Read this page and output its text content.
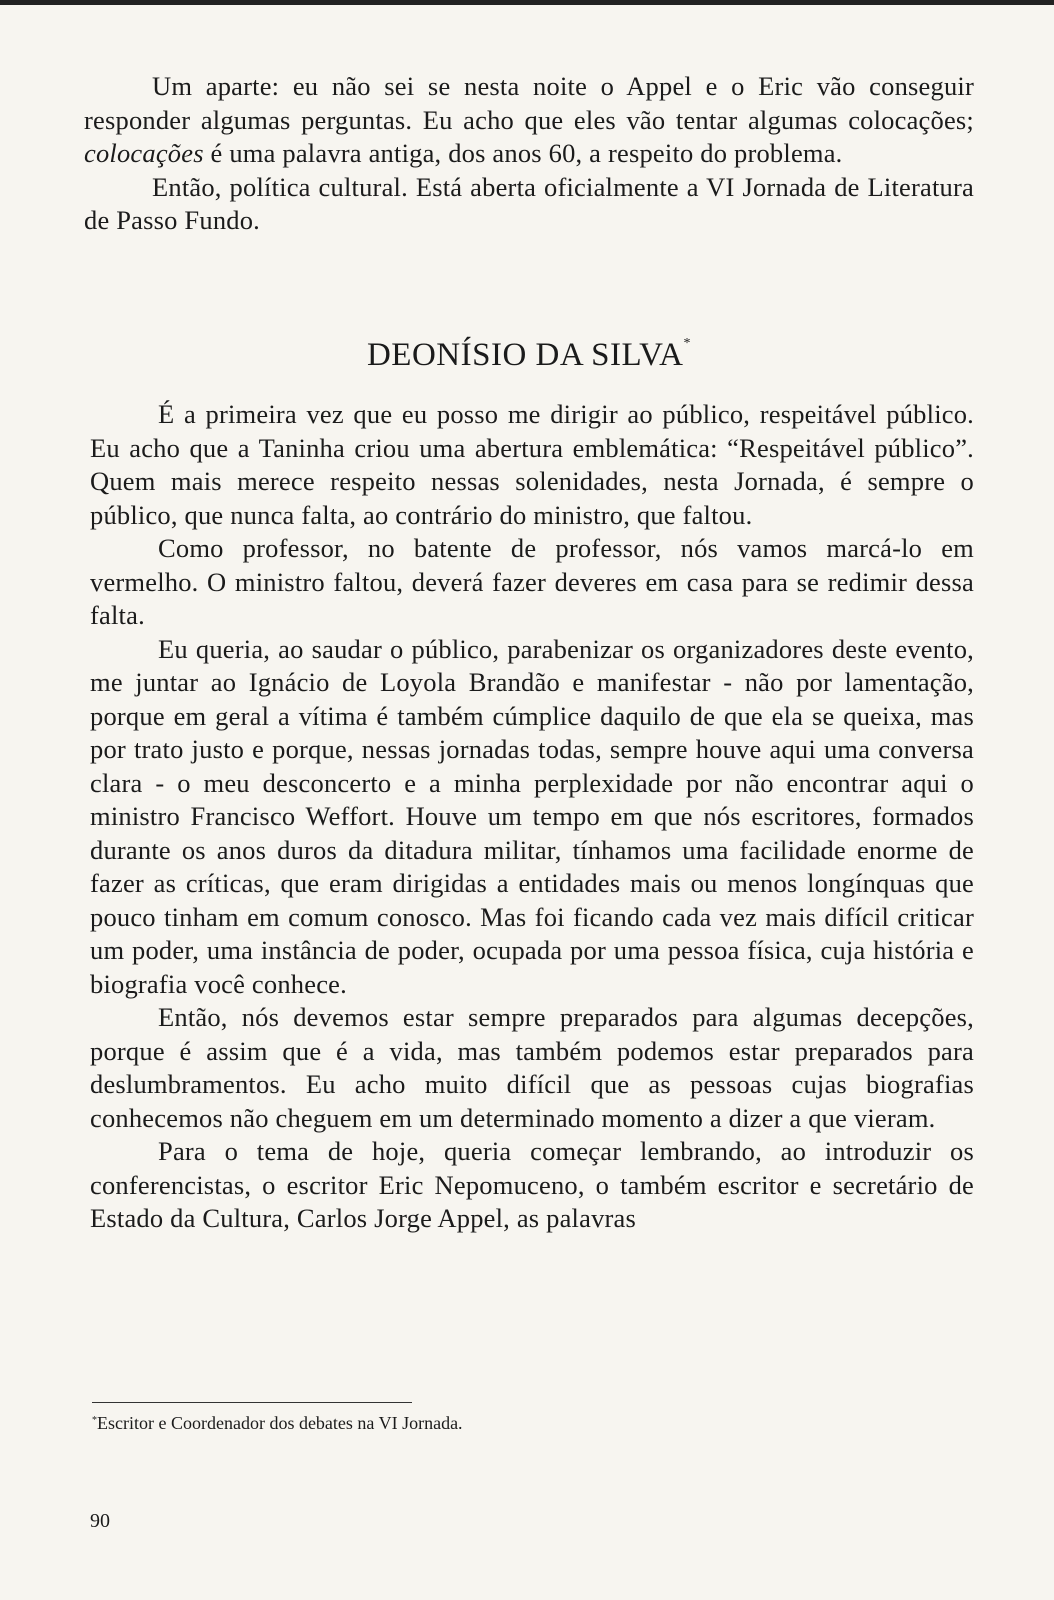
Um aparte: eu não sei se nesta noite o Appel e o Eric vão conseguir responder algumas perguntas. Eu acho que eles vão tentar algumas colocações; colocações é uma palavra antiga, dos anos 60, a respeito do problema.

Então, política cultural. Está aberta oficialmente a VI Jornada de Literatura de Passo Fundo.

DEONÍSIO DA SILVA*

É a primeira vez que eu posso me dirigir ao público, respeitável público. Eu acho que a Taninha criou uma abertura emblemática: “Respeitável público”. Quem mais merece respeito nessas solenidades, nesta Jornada, é sempre o público, que nunca falta, ao contrário do ministro, que faltou.

Como professor, no batente de professor, nós vamos marcá-lo em vermelho. O ministro faltou, deverá fazer deveres em casa para se redimir dessa falta.

Eu queria, ao saudar o público, parabenizar os organizadores deste evento, me juntar ao Ignácio de Loyola Brandão e manifestar - não por lamentação, porque em geral a vítima é também cúmplice daquilo de que ela se queixa, mas por trato justo e porque, nessas jornadas todas, sempre houve aqui uma conversa clara - o meu desconcerto e a minha perplexidade por não encontrar aqui o ministro Francisco Weffort. Houve um tempo em que nós escritores, formados durante os anos duros da ditadura militar, tínhamos uma facilidade enorme de fazer as críticas, que eram dirigidas a entidades mais ou menos longínquas que pouco tinham em comum conosco. Mas foi ficando cada vez mais difícil criticar um poder, uma instância de poder, ocupada por uma pessoa física, cuja história e biografia você conhece.

Então, nós devemos estar sempre preparados para algumas decepções, porque é assim que é a vida, mas também podemos estar preparados para deslumbramentos. Eu acho muito difícil que as pessoas cujas biografias conhecemos não cheguem em um determinado momento a dizer a que vieram.

Para o tema de hoje, queria começar lembrando, ao introduzir os conferencistas, o escritor Eric Nepomuceno, o também escritor e secretário de Estado da Cultura, Carlos Jorge Appel, as palavras

*Escritor e Coordenador dos debates na VI Jornada.

90
